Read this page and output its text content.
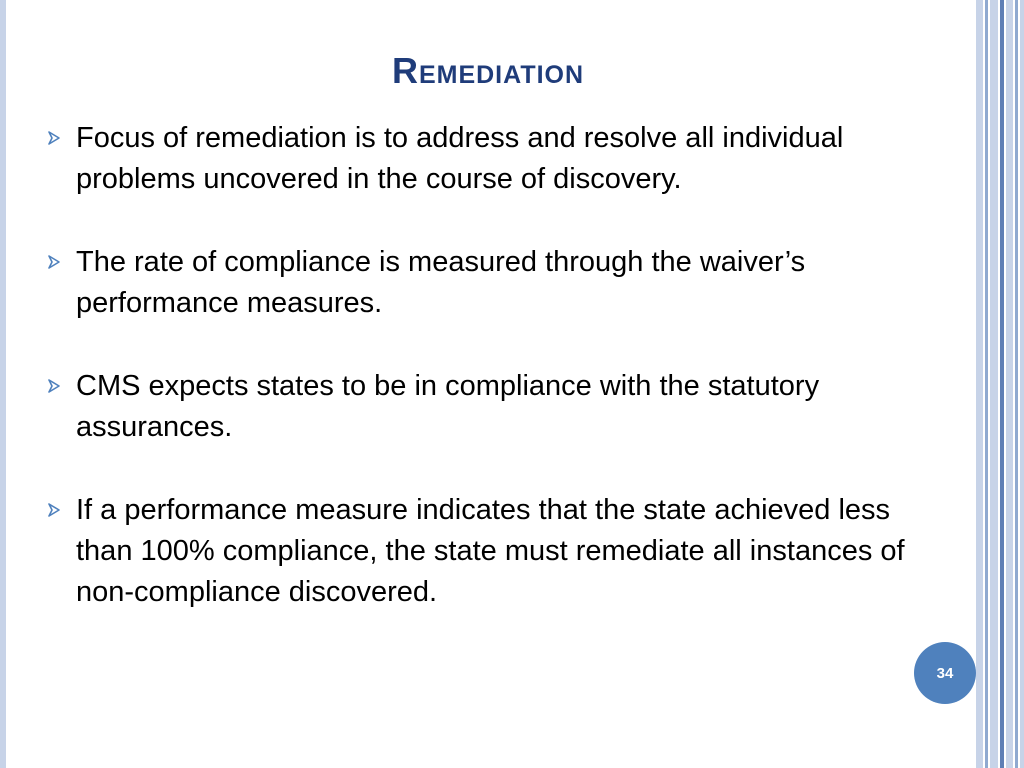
Remediation
Focus of remediation is to address and resolve all individual problems uncovered in the course of discovery.
The rate of compliance is measured through the waiver’s performance measures.
CMS expects states to be in compliance with the statutory assurances.
If a performance measure indicates that the state achieved less than 100% compliance, the state must remediate all instances of non-compliance discovered.
34
